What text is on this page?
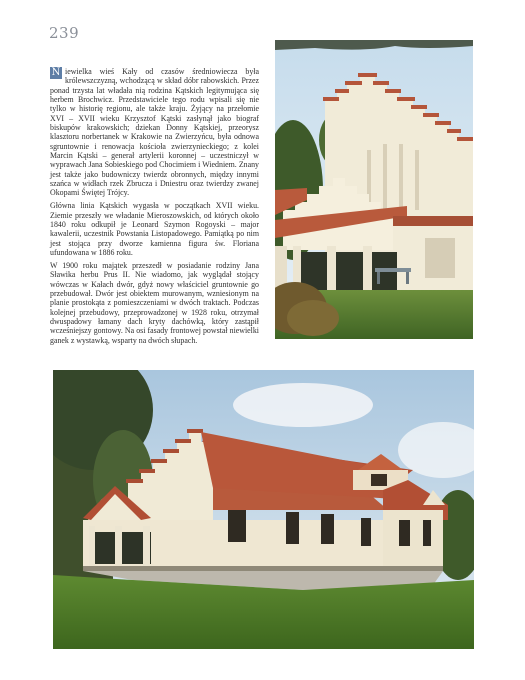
239

N iewielka wieś Kały od czasów średniowiecza była królewszczyzną, wchodzącą w skład dóbr rabowskich. Przez ponad trzysta lat władała nią rodzina Kątskich legitymująca się herbem Brochwicz. Przedstawiciele tego rodu wpisali się nie tylko w historię regionu, ale także kraju. Żyjący na przełomie XVI – XVII wieku Krzysztof Kątski zasłynął jako biograf biskupów krakowskich; dziekan Donny Kątskiej, przeorysz klasztoru norbertanek w Krakowie na Zwierzyńcu, była odnowa sgruntownie i renowacja kościoła zwierzynieckiego; z kolei Marcin Kątski – generał artylerii koronnej – uczestniczył w wyprawach Jana Sobieskiego pod Chocimiem i Wiedniem. Znany jest także jako budowniczy twierdz obronnych, między innymi szańca w widłach rzek Zbrucza i Dniestru oraz twierdzy zwanej Okopami Świętej Trójcy.

Główna linia Kątskich wygasła w początkach XVII wieku. Ziemie przeszły we władanie Mieroszowskich, od których około 1840 roku odkupił je Leonard Szymon Rogoyski – major kawalerii, uczestnik Powstania Listopadowego. Pamiątką po nim jest stojąca przy dworze kamienna figura św. Floriana ufundowana w 1886 roku.

W 1900 roku majątek przeszedł w posiadanie rodziny Jana Sławika herbu Prus II. Nie wiadomo, jak wyglądał stojący wówczas w Kałach dwór, gdyż nowy właściciel gruntownie go przebudował. Dwór jest obiektem murowanym, wzniesionym na planie prostokąta z pomieszczeniami w dwóch traktach. Podczas kolejnej przebudowy, przeprowadzonej w 1928 roku, otrzymał dwuspadowy łamany dach kryty dachówką, który zastąpił wcześniejszy gontowy. Na osi fasady frontowej powstał niewielki ganek z wystawką, wsparty na dwóch słupach.
